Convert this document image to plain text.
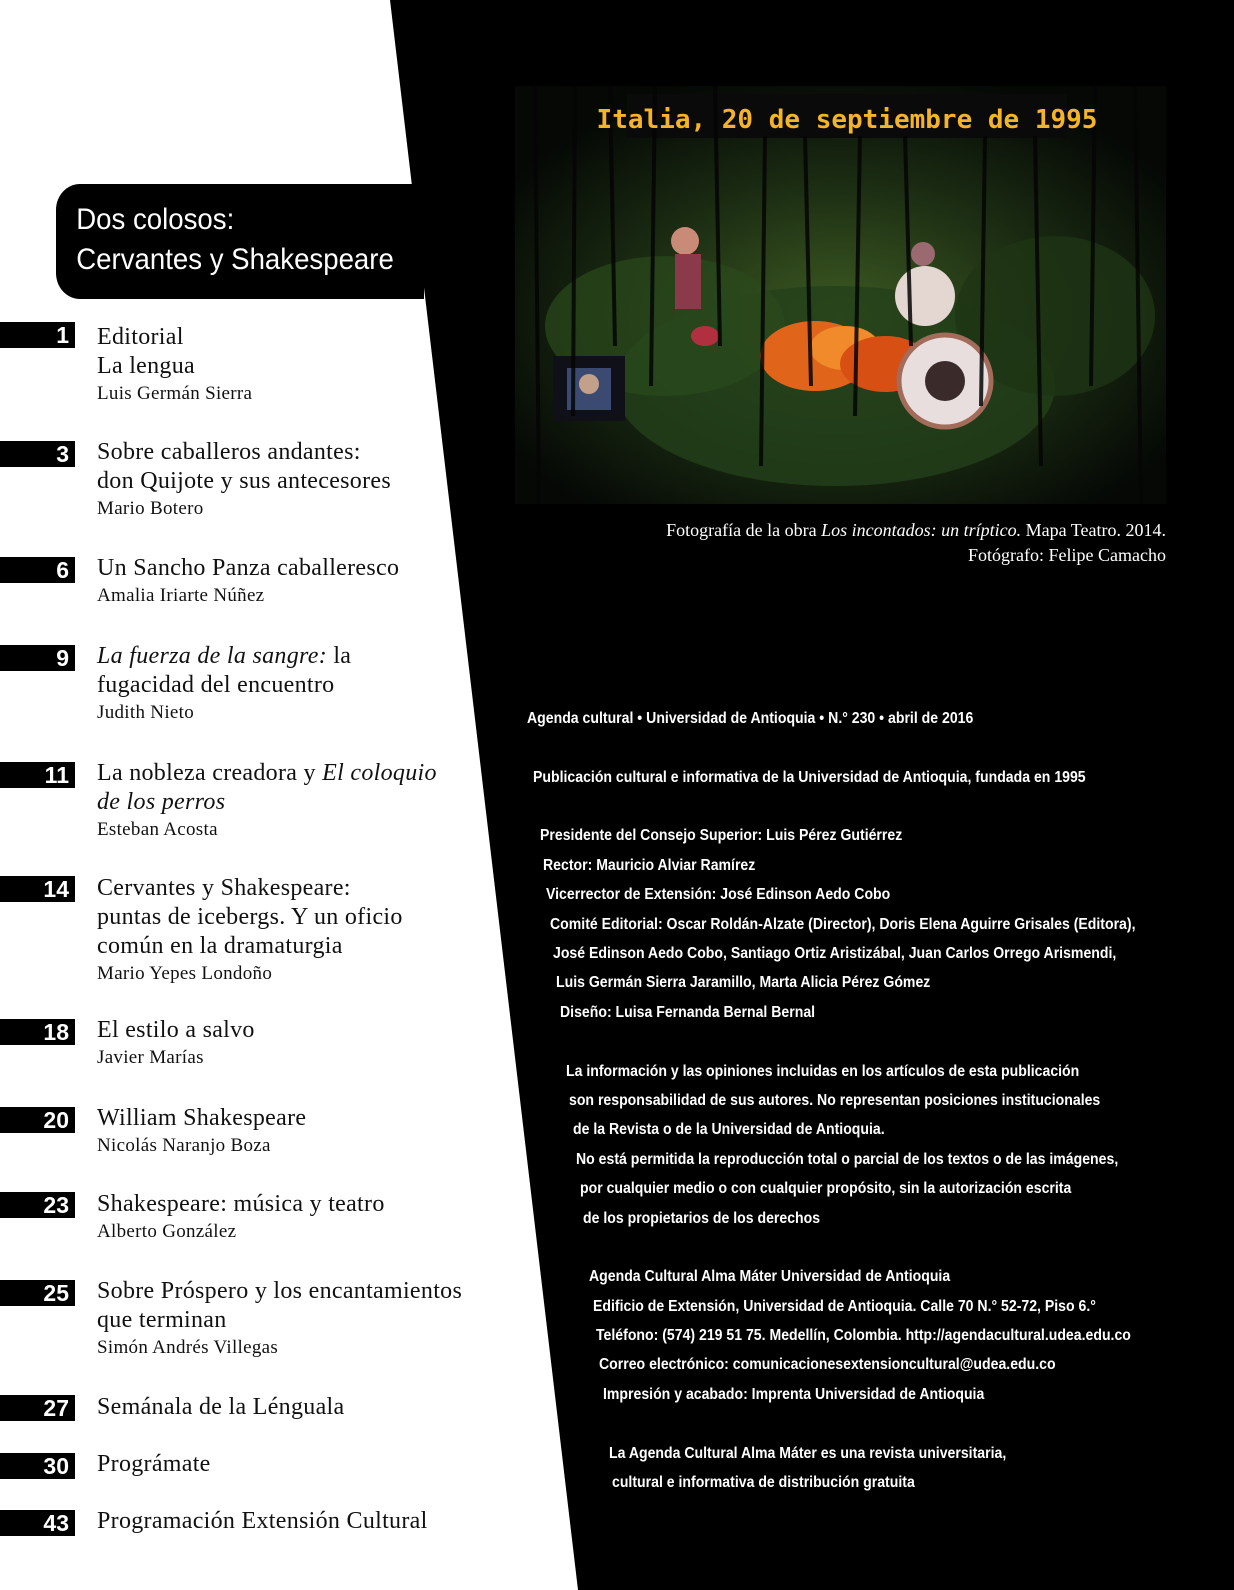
Dos colosos:
Cervantes y Shakespeare
1 Editorial
La lengua
Luis Germán Sierra
3 Sobre caballeros andantes:
don Quijote y sus antecesores
Mario Botero
6 Un Sancho Panza caballeresco
Amalia Iriarte Núñez
9 La fuerza de la sangre: la
fugacidad del encuentro
Judith Nieto
11 La nobleza creadora y El coloquio
de los perros
Esteban Acosta
14 Cervantes y Shakespeare:
puntas de icebergs. Y un oficio
común en la dramaturgia
Mario Yepes Londoño
18 El estilo a salvo
Javier Marías
20 William Shakespeare
Nicolás Naranjo Boza
23 Shakespeare: música y teatro
Alberto González
25 Sobre Próspero y los encantamientos
que terminan
Simón Andrés Villegas
27 Semánala de la Lénguala
30 Prográmate
43 Programación Extensión Cultural
Italia, 20 de septiembre de 1995
Fotografía de la obra Los incontados: un tríptico. Mapa Teatro. 2014.
Fotógrafo: Felipe Camacho
Agenda cultural • Universidad de Antioquia • N.° 230 • abril de 2016
Publicación cultural e informativa de la Universidad de Antioquia, fundada en 1995
Presidente del Consejo Superior: Luis Pérez Gutiérrez
Rector: Mauricio Alviar Ramírez
Vicerrector de Extensión: José Edinson Aedo Cobo
Comité Editorial: Oscar Roldán-Alzate (Director), Doris Elena Aguirre Grisales (Editora),
José Edinson Aedo Cobo, Santiago Ortiz Aristizábal, Juan Carlos Orrego Arismendi,
Luis Germán Sierra Jaramillo, Marta Alicia Pérez Gómez
Diseño: Luisa Fernanda Bernal Bernal
La información y las opiniones incluidas en los artículos de esta publicación
son responsabilidad de sus autores. No representan posiciones institucionales
de la Revista o de la Universidad de Antioquia.
No está permitida la reproducción total o parcial de los textos o de las imágenes,
por cualquier medio o con cualquier propósito, sin la autorización escrita
de los propietarios de los derechos
Agenda Cultural Alma Máter Universidad de Antioquia
Edificio de Extensión, Universidad de Antioquia. Calle 70 N.° 52-72, Piso 6.°
Teléfono: (574) 219 51 75. Medellín, Colombia. http://agendacultural.udea.edu.co
Correo electrónico: comunicacionesextensioncultural@udea.edu.co
Impresión y acabado: Imprenta Universidad de Antioquia
La Agenda Cultural Alma Máter es una revista universitaria,
cultural e informativa de distribución gratuita
